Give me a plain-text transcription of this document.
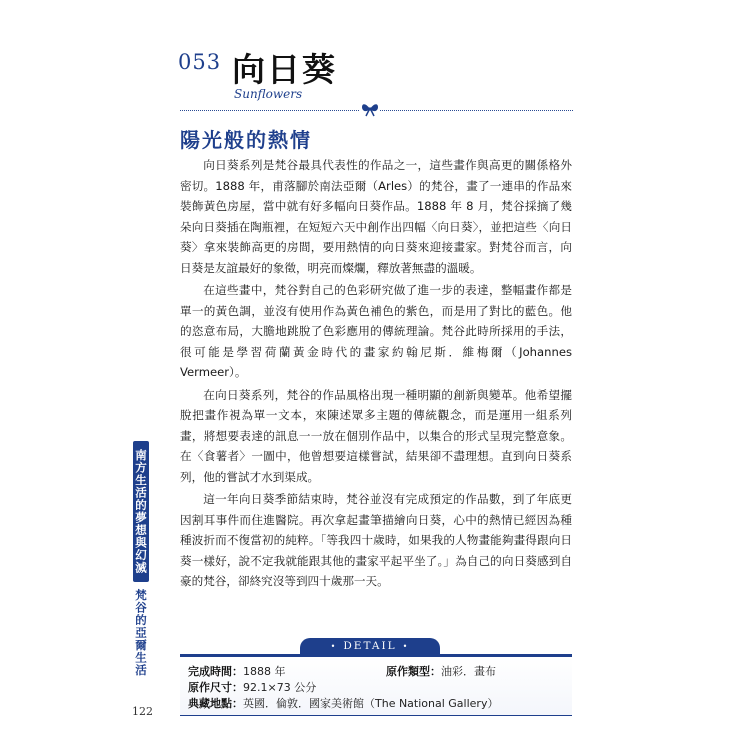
053 向日葵
Sunflowers
陽光般的熱情

向日葵系列是梵谷最具代表性的作品之一，這些畫作與高更的關係格外密切。1888 年，甫落腳於南法亞爾（Arles）的梵谷，畫了一連串的作品來裝飾黃色房屋，當中就有好多幅向日葵作品。1888 年 8 月，梵谷採摘了幾朵向日葵插在陶瓶裡，在短短六天中創作出四幅〈向日葵〉，並把這些〈向日葵〉拿來裝飾高更的房間，要用熱情的向日葵來迎接畫家。對梵谷而言，向日葵是友誼最好的象徵，明亮而燦爛，釋放著無盡的溫暖。

在這些畫中，梵谷對自己的色彩研究做了進一步的表達，整幅畫作都是單一的黃色調，並沒有使用作為黃色補色的紫色，而是用了對比的藍色。他的恣意布局，大膽地跳脫了色彩應用的傳統理論。梵谷此時所採用的手法，很可能是學習荷蘭黃金時代的畫家約翰尼斯．維梅爾（Johannes Vermeer）。

在向日葵系列，梵谷的作品風格出現一種明顯的創新與變革。他希望擺脫把畫作視為單一文本，來陳述眾多主題的傳統觀念，而是運用一組系列畫，將想要表達的訊息一一放在個別作品中，以集合的形式呈現完整意象。在〈食薯者〉一圖中，他曾想要這樣嘗試，結果卻不盡理想。直到向日葵系列，他的嘗試才水到渠成。

這一年向日葵季節結束時，梵谷並沒有完成預定的作品數，到了年底更因割耳事件而住進醫院。再次拿起畫筆描繪向日葵，心中的熱情已經因為種種波折而不復當初的純粹。「等我四十歲時，如果我的人物畫能夠畫得跟向日葵一樣好，說不定我就能跟其他的畫家平起平坐了。」為自己的向日葵感到自豪的梵谷，卻終究沒等到四十歲那一天。

南方生活的夢想與幻滅
梵谷的亞爾生活
122
• DETAIL •
完成時間：1888 年	原作類型：油彩．畫布
原作尺寸：92.1×73 公分
典藏地點：英國．倫敦．國家美術館（The National Gallery）
